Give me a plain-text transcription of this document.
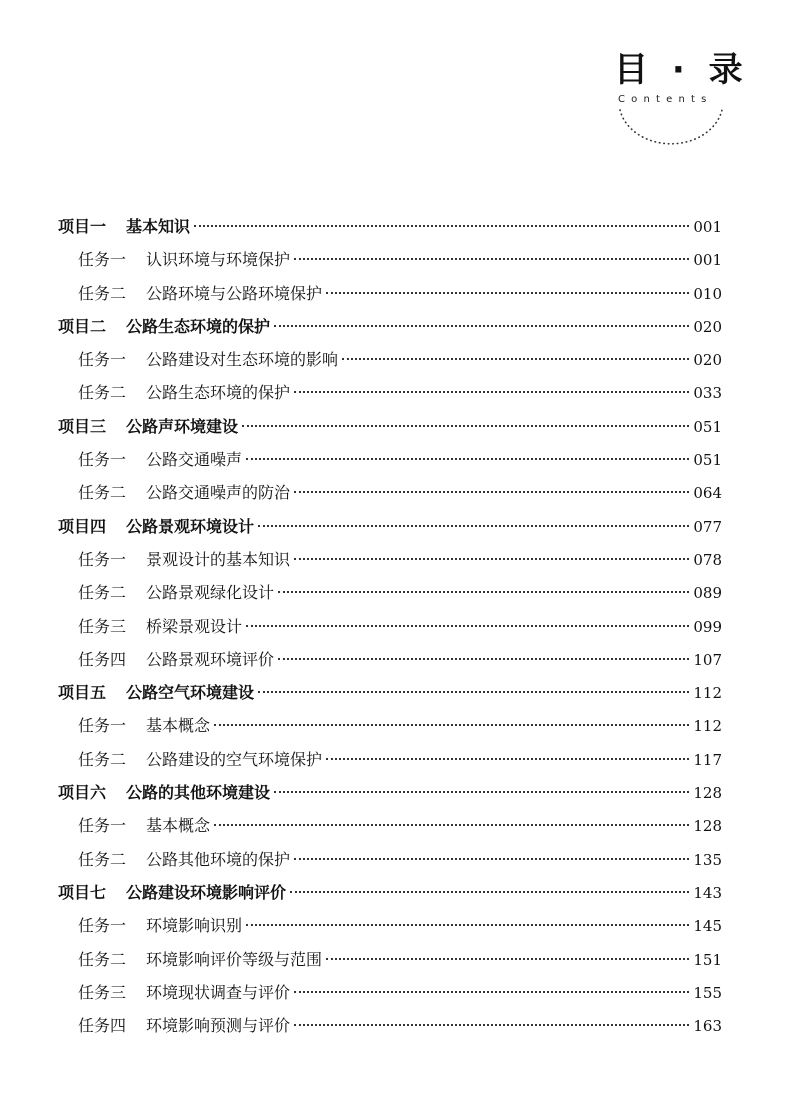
目 · 录
Contents
项目一 基本知识	001
任务一 认识环境与环境保护	001
任务二 公路环境与公路环境保护	010
项目二 公路生态环境的保护	020
任务一 公路建设对生态环境的影响	020
任务二 公路生态环境的保护	033
项目三 公路声环境建设	051
任务一 公路交通噪声	051
任务二 公路交通噪声的防治	064
项目四 公路景观环境设计	077
任务一 景观设计的基本知识	078
任务二 公路景观绿化设计	089
任务三 桥梁景观设计	099
任务四 公路景观环境评价	107
项目五 公路空气环境建设	112
任务一 基本概念	112
任务二 公路建设的空气环境保护	117
项目六 公路的其他环境建设	128
任务一 基本概念	128
任务二 公路其他环境的保护	135
项目七 公路建设环境影响评价	143
任务一 环境影响识别	145
任务二 环境影响评价等级与范围	151
任务三 环境现状调查与评价	155
任务四 环境影响预测与评价	163
